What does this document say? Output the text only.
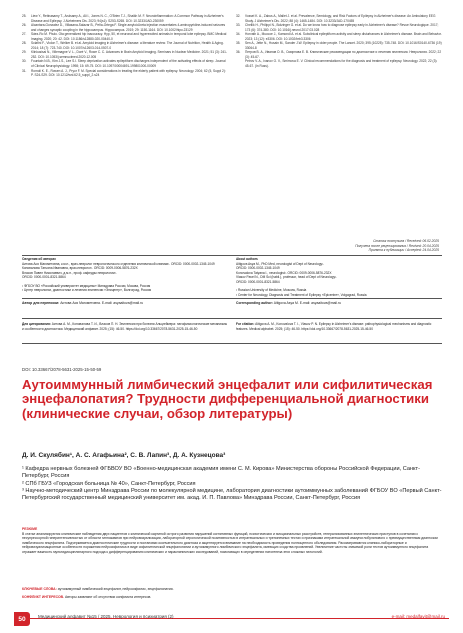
25.	Liew Y., Retinasamy T., Arulsamy A., Ali I., Jones N. C., O'Brien T.J., Shaikh M. F. Neuroinflammation: A Common Pathway in Alzheimer's Disease and Epilepsy. J Alzheimers Dis. 2023; 94(s1): S253-S265. DOI: 10.3233/JAD-230059
26.	Alcantara-Gonzalez D., Villasana-Salazar B., Peña-Ortega F. Single amyloid-beta injection exacerbates 4-aminopyridine-induced seizures and changes synaptic coupling in the hippocampus. Hippocampus. 2019; 29: 1150-1164. DOI: 10.1002/hipo.23129
27.	Sáez-Ro M. Phulo. Ota generalized hip inaccuracy. Hyp, 50, et neuronal and hyperexcited animals in temporal lobe epilepsy. BMC Medical Imaging. 2020; 20: 42. DOI: 10.1186/s12880-020-00440-0
28.	Sclafini F., Violon T., Welker B. et al. Amyloid imaging in Alzheimer's disease: a literature review. The Journal of Nutrition, Health & Aging. 2014; 18 (7): 723-740. DOI: 10.1007/s12603-014-0507-0
29.	Klinkusisai N., Villemagne V. L., Doré V., Rowe C. C. Advances in Brain Amyloid Imaging. Seminars in Nuclear Medicine. 2021; 51 (3): 241-252. DOI: 10.1053/j.semnuclmed.2020.12.005
30.	Fountain N.B., Kim J.S., Lee S.I. Sleep deprivation activates epileptiform discharges independent of the activating effects of sleep. Journal of Clinical Neurophysiology. 1998; 15: 69-75. DOI: 10.1097/00004691-199801000-00009
31.	Romoli K. E., Rowen A. J., Pryor F. M. Special considerations in treating the elderly patient with epilepsy. Neurology. 2004; 62 (5, Suppl 2): P. S24-S29. DOI: 10.1212/wnl.62.5_suppl_2.s24
32.	Vossel K. A., Zabus A., Mallet J. et al. Prevalence, Semiology, and Risk Factors of Epilepsy in Alzheimer's disease: An Ambulatory EEG Study. J Alzheimer's Dis. 2022; 88 (4): 1465-1484. DOI: 10.3233/JAD-170455
33.	Chellik H., Philippi N., Bolzinger G. et al. Do we know how to diagnose epilepsy early in Alzheimer's disease? Revue Neurologique. 2017; 173 (6): 374-380. DOI: 10.1016/j.neurol.2017.03.028
34.	Horvath A., Muccoe J., Kamondi A. et al. Subclinical epileptiform activity and sleep disturbances in Alzheimer's disease. Brain and Behavior. 2023; 13 (12): e3306. DOI: 10.1002/brb3.3306
35.	Sen A., Jette N., Husain M., Sander J.W. Epilepsy in older people. The Lancet. 2020; 395 (10225): 735-748. DOI: 10.1016/S0140-6736 (19) 33064-8
36.	Петров В. А., Иванов О. В., Смирнова Е. В. Клинические рекомендации по диагностике и лечению эпилепсии. Неврология. 2022; 22 (3): 45-67.
Petrov V. A., Ivanov O. V., Smirnova E. V. Clinical recommendations for the diagnosis and treatment of epilepsy. Neurology. 2022; 22 (3): 45-67. (In Russ).
Статья поступила / Received: 06.02.2025
Получена после рецензирования / Revised: 20.04.2025
Принята к публикации / Accepted: 24.04.2025
Сведения об авторах
Аитова Ася Магометовна, к.м.н., врач-невролог неврологического отделения клинической клиники¹. ORCID: 0000-0002-1345-1049
Коновалова Татьяна Ивановна, врач-невролог¹. ORCID: 0009-0006-5876-232X
Власов Павел Николаевич, д.м.н., проф. кафедры неврологии¹.
ORCID: 0000-0001-8321-5864
¹ ФГБОУ ВО «Российский университет медицины» Минздрава России, Москва, Россия
² Центр неврологии, диагностики и лечения эпилепсии «Эпицентр», Волгоград, Россия
About authors
Aitigova Asya M., PhD Med, neurologist of Dept of Neurology¹.
ORCID: 0000-0002-1345-1049
Konovalova Tatyana I., neurologist¹. ORCID: 0009-0006-5876-232X
Vlasov Pavel N., DM Sci (habil.), professor, head of Dept of Neurology¹.
ORCID: 0000-0001-8321-5864
¹ Russian University of Medicine, Moscow, Russia
² Center for Neurology, Diagnosis and Treatment of Epilepsy «Epicentre», Volgograd, Russia
Автор для переписки: Аитова Ася Магометовна. E-mail: asyaaitova@mail.ru	Corresponding author: Aitigova Asya M. E-mail: asyaaitova@mail.ru
Для цитирования: Аитова А. М., Коновалова Т. И., Власов П. Н. Эпилепсия при болезни Альцгеймера: патофизиологические механизмы и особенности диагностики. Медицинский алфавит. 2025; (15): 46-50. https://doi.org/10.33667/2078-5631-2025-15-46-50
For citation: Aitigova A. M., Konovalova T. I., Vlasov P. N. Epilepsy in Alzheimer's disease: pathophysiological mechanisms and diagnostic features. Medical alphabet. 2025; (15): 46-50. https://doi.org/10.33667/2078-5631-2025-15-46-50
DOI: 10.33667/2078-5631-2025-15-50-59
Аутоиммунный лимбический энцефалит или сифилитическая энцефалопатия? Трудности дифференциальной диагностики (клинические случаи, обзор литературы)
Д. И. Скулябин¹, А. С. Агафьина², С. В. Лапин³, Д. А. Кузнецова³
¹ Кафедра нервных болезней ФГБВОУ ВО «Военно-медицинская академия имени С. М. Кирова» Министерства обороны Российской Федерации, Санкт-Петербург, Россия
² СПб ГБУЗ «Городская больница № 40», Санкт-Петербург, Россия
³ Научно-методический центр Минздрава России по молекулярной медицине, лаборатория диагностики аутоиммунных заболеваний ФГБОУ ВО «Первый Санкт-Петербургский государственный медицинский университет им. акад. И. П. Павлова» Минздрава России, Санкт-Петербург, Россия
РЕЗЮМЕ
В статье анализируются клинические наблюдения двух пациентов с клинической картиной острого развития нарушений когнитивных функций, психотических и эмоциональных расстройств, генерализованных эпилептических приступов в сочетании с несупрессорной гиперинтенсивностью от области гиппокампов при нейровизуализации, лабораторной серологической позитивностью в интратекальных и трепонемных тестах и признаками интратекальной иммуноглобулинового с преимущественным диагнозом лимбического энцефалита. Подчеркивается диагностические трудности и постановки окончательного диагноза и акцентируется внимание на необходимость проведения полноценного обследования. Рассматриваются клинико-лабораторные и нейровизуализационные особенности поражения нейросифилиса в виде сифилитической энцефалопатии и аутоиммунного лимбического энцефалита, имеющих сходства проявлений. Увеличение частоты значимой роли тестов аутоиммунного энцефалита отражает важность мультидисциплинарного подхода к дифференцированию клинических и параклинических исследований, помогающих в определении патогенеза этих сложных патологий.
КЛЮЧЕВЫЕ СЛОВА: аутоиммунный лимбический энцефалит, нейросифилис, энцефалопатия.
КОНФЛИКТ ИНТЕРЕСОВ. Авторы заявляют об отсутствии конфликта интересов.
50	Медицинский алфавит №15 / 2025. Неврология и психиатрия (2)	e-mail: medalfavit@mail.ru
